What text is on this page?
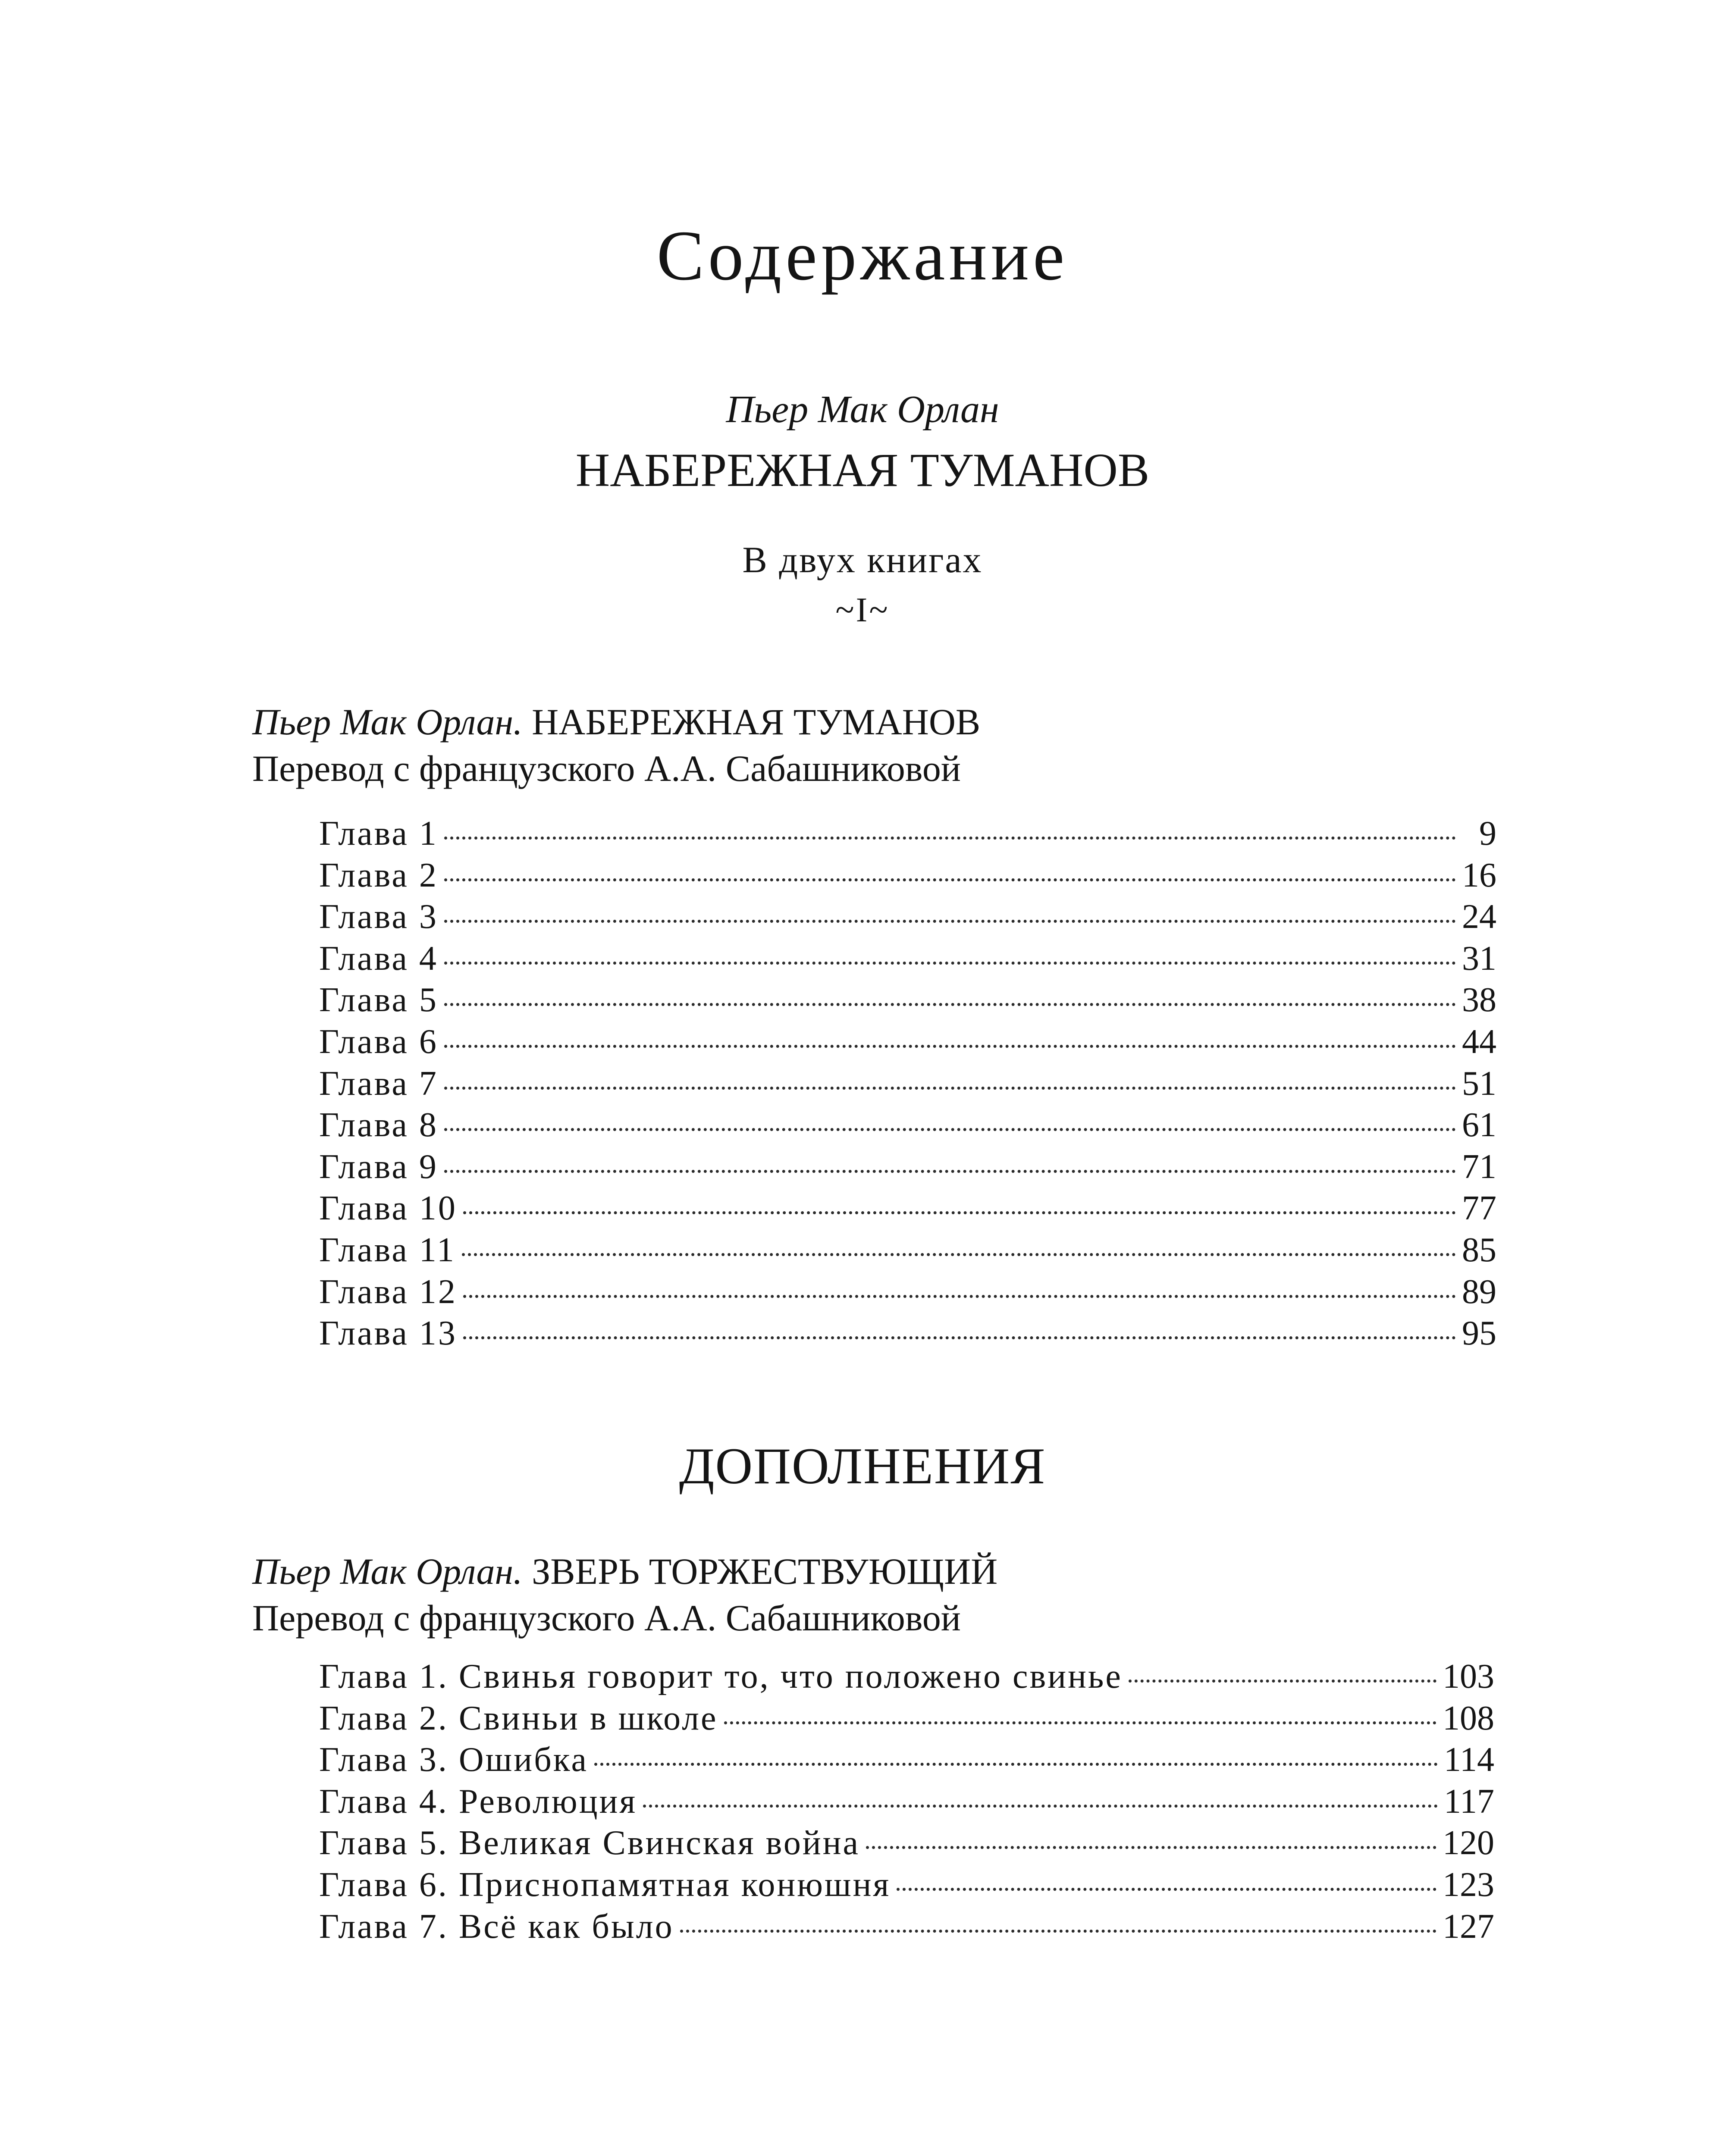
Содержание
Пьер Мак Орлан
НАБЕРЕЖНАЯ ТУМАНОВ
В двух книгах
~I~
Пьер Мак Орлан. НАБЕРЕЖНАЯ ТУМАНОВ
Перевод с французского А.А. Сабашниковой
Глава 1	9
Глава 2	16
Глава 3	24
Глава 4	31
Глава 5	38
Глава 6	44
Глава 7	51
Глава 8	61
Глава 9	71
Глава 10	77
Глава 11	85
Глава 12	89
Глава 13	95
ДОПОЛНЕНИЯ
Пьер Мак Орлан. ЗВЕРЬ ТОРЖЕСТВУЮЩИЙ
Перевод с французского А.А. Сабашниковой
Глава 1. Свинья говорит то, что положено свинье	103
Глава 2. Свиньи в школе	108
Глава 3. Ошибка	114
Глава 4. Революция	117
Глава 5. Великая Свинская война	120
Глава 6. Приснопамятная конюшня	123
Глава 7. Всё как было	127
